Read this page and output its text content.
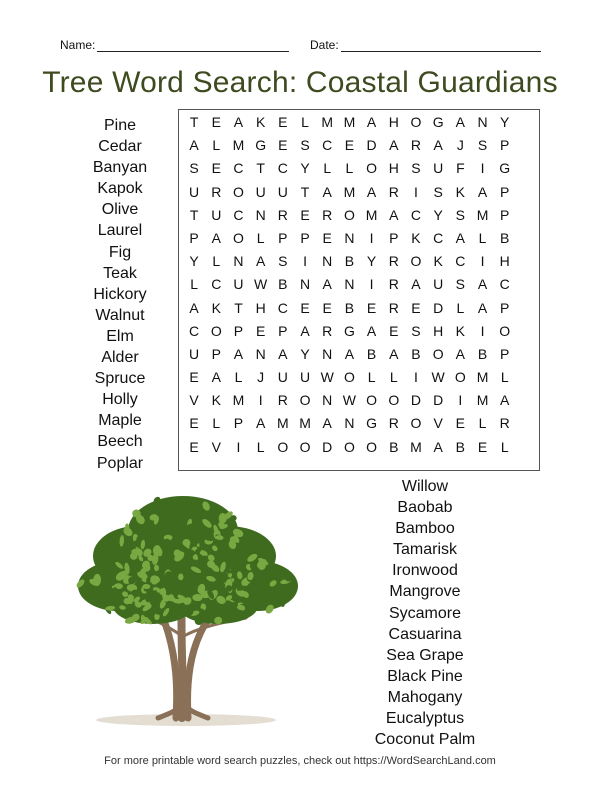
Name:	Date:
Tree Word Search: Coastal Guardians
T E A K E L M M A H O G A N Y
A L M G E S C E D A R A	J	S P
S E C T C Y L	L O H S U F	I	G
U R O U U T A M A R	I	S K A P
T U C N R E R O M A C Y S M P
P A O L P P E N	I	P K C A L B
Y L N A S	I	N B Y R O K C	I	H
L C U W B N A N	I	R A U S A C
A K T H C E E B E R E D L A P
C O P E P A R G A E S H K	I	O
U P A N A Y N A B A B O A B P
E A L	J U U W O L	L	I W O M L
V K M	I	R O N W O O D D	I	M A
E L P A M M A N G R O V E L R
E V	I	L O O D O O B M A B E L
Pine
Cedar
Banyan
Kapok
Olive
Laurel
Fig
Teak
Hickory
Walnut
Elm
Alder
Spruce
Holly
Maple
Beech
Poplar
Willow
Baobab
Bamboo
Tamarisk
Ironwood
Mangrove
Sycamore
Casuarina
Sea Grape
Black Pine
Mahogany
Eucalyptus
Coconut Palm
For more printable word search puzzles, check out https://WordSearchLand.com
